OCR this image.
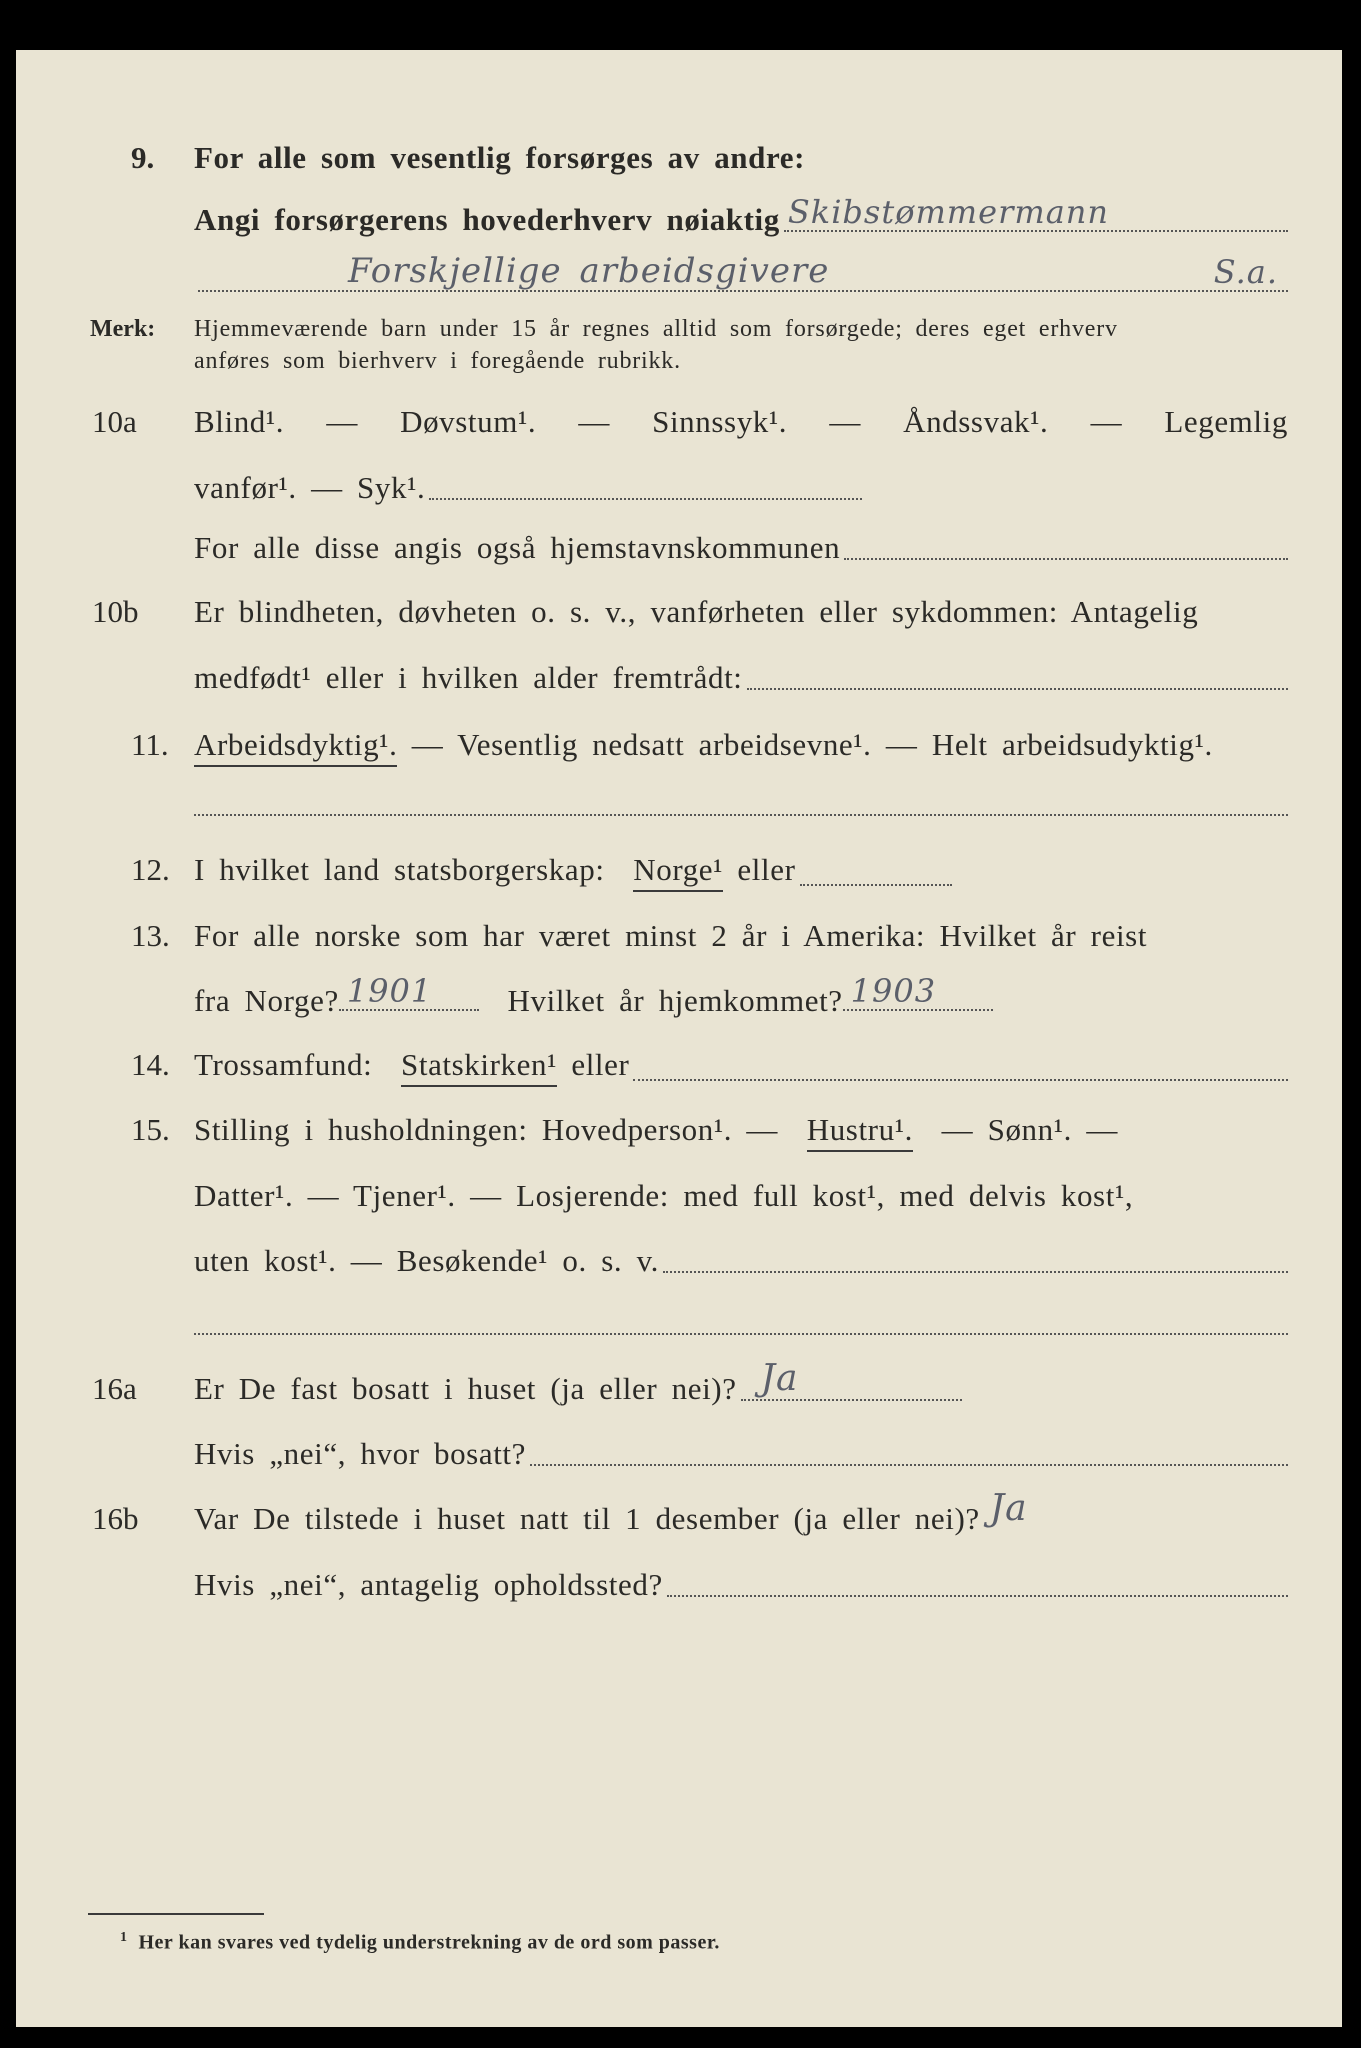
9. For alle som vesentlig forsørges av andre:
Angi forsørgerens hovederhverv nøiaktig Skibstømmermann
Forskjellige arbeidsgivere	S.a.
Merk: Hjemmeværende barn under 15 år regnes alltid som forsørgede; deres eget erhverv
anføres som bierhverv i foregående rubrikk.
10a Blind¹. — Døvstum¹. — Sinnssyk¹. — Åndssvak¹. — Legemlig
vanfør¹. — Syk¹.
For alle disse angis også hjemstavnskommunen
10b Er blindheten, døvheten o. s. v., vanførheten eller sykdommen: Antagelig
medfødt¹ eller i hvilken alder fremtrådt:
11. Arbeidsdyktig¹.
— Vesentlig nedsatt arbeidsevne¹. — Helt arbeidsudyktig¹.
12. I hvilket land statsborgerskap:
Norge¹
eller
13. For alle norske som har været minst 2 år i Amerika: Hvilket år reist
fra Norge? 1901
Hvilket år hjemkommet? 1903
14. Trossamfund:
Statskirken¹
eller
15. Stilling i husholdningen: Hovedperson¹. —
Hustru¹.
— Sønn¹. —
Datter¹. — Tjener¹. — Losjerende: med full kost¹, med delvis kost¹,
uten kost¹. — Besøkende¹ o. s. v.
16a Er De fast bosatt i huset (ja eller nei)? Ja
Hvis „nei“, hvor bosatt?
16b Var De tilstede i huset natt til 1 desember (ja eller nei)? Ja
Hvis „nei“, antagelig opholdssted?
$^1$ Her kan svares ved tydelig understrekning av de ord som passer.
